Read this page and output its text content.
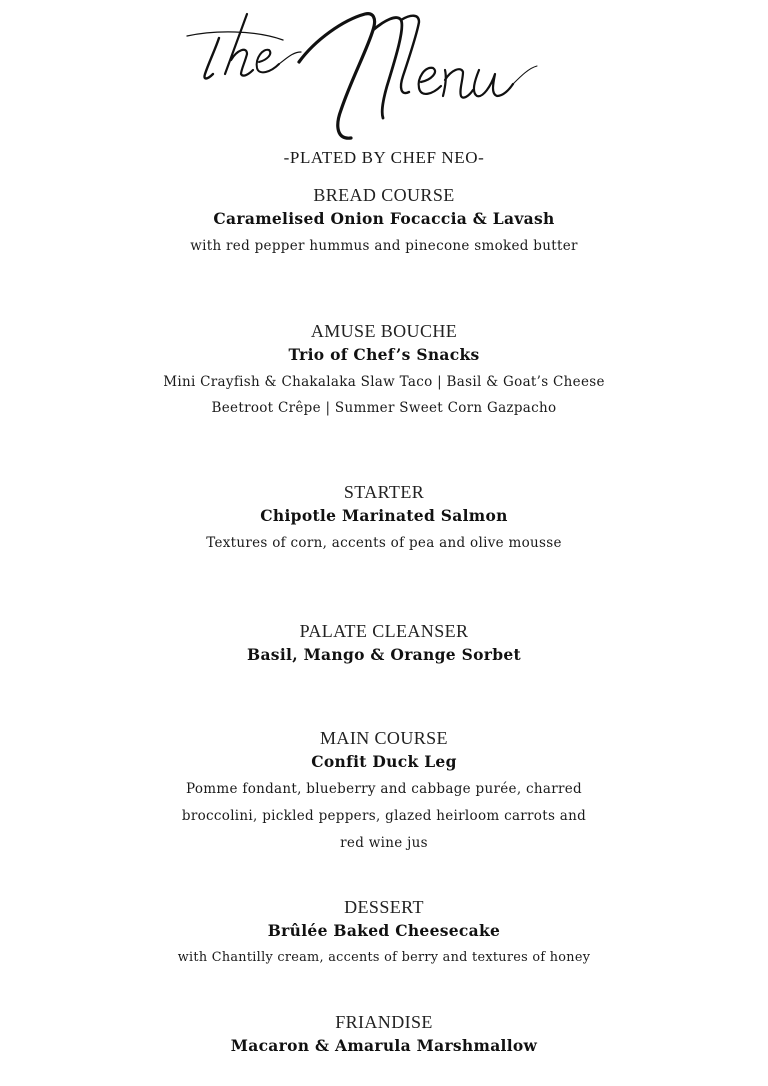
-PLATED BY CHEF NEO-
BREAD COURSE
Caramelised Onion Focaccia & Lavash
with red pepper hummus and pinecone smoked butter
AMUSE BOUCHE
Trio of Chef’s Snacks
Mini Crayfish & Chakalaka Slaw Taco | Basil & Goat’s Cheese
Beetroot Crêpe | Summer Sweet Corn Gazpacho
STARTER
Chipotle Marinated Salmon
Textures of corn, accents of pea and olive mousse
PALATE CLEANSER
Basil, Mango & Orange Sorbet
MAIN COURSE
Confit Duck Leg
Pomme fondant, blueberry and cabbage purée, charred
broccolini, pickled peppers, glazed heirloom carrots and
red wine jus
DESSERT
Brûlée Baked Cheesecake
with Chantilly cream, accents of berry and textures of honey
FRIANDISE
Macaron & Amarula Marshmallow
